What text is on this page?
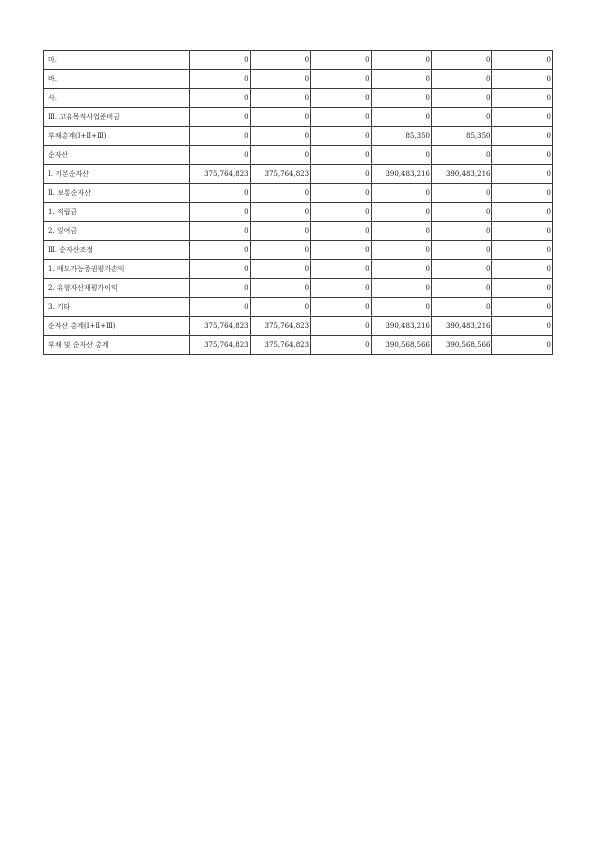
마.	0	0	0	0	0	0
바.	0	0	0	0	0	0
사.	0	0	0	0	0	0
Ⅲ. 고유목적사업준비금	0	0	0	0	0	0
부채총계(Ⅰ+Ⅱ+Ⅲ)	0	0	0	85,350	85,350	0
순자산	0	0	0	0	0	0
Ⅰ. 기본순자산	375,764,823	375,764,823	0	390,483,216	390,483,216	0
Ⅱ. 보통순자산	0	0	0	0	0	0
1. 적립금	0	0	0	0	0	0
2. 잉여금	0	0	0	0	0	0
Ⅲ. 순자산조정	0	0	0	0	0	0
1. 매도가능증권평가손익	0	0	0	0	0	0
2. 유형자산재평가이익	0	0	0	0	0	0
3. 기타	0	0	0	0	0	0
순자산 총계(Ⅰ+Ⅱ+Ⅲ)	375,764,823	375,764,823	0	390,483,216	390,483,216	0
부채 및 순자산 총계	375,764,823	375,764,823	0	390,568,566	390,568,566	0
